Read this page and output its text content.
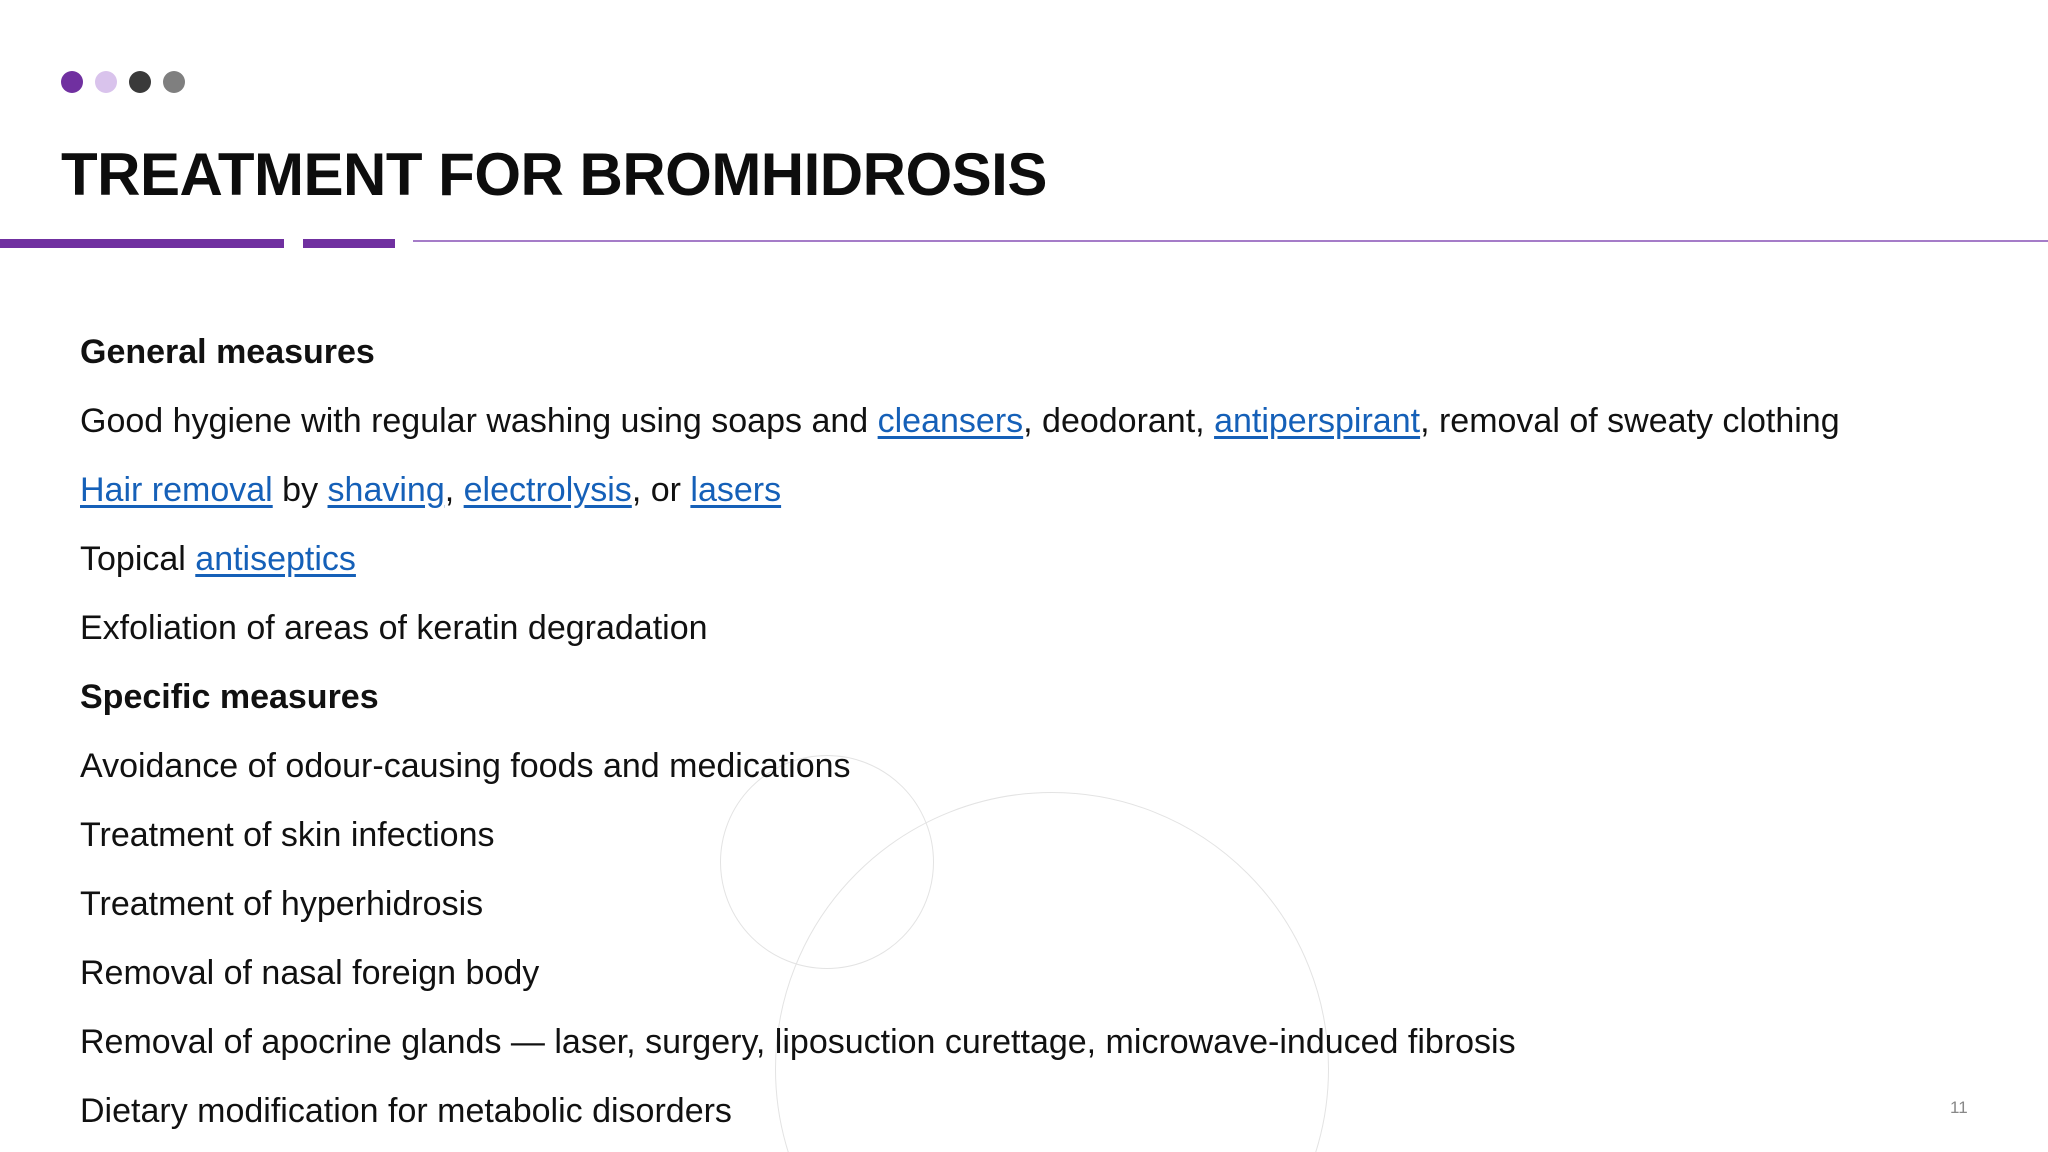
TREATMENT FOR BROMHIDROSIS
General measures
Good hygiene with regular washing using soaps and cleansers, deodorant, antiperspirant, removal of sweaty clothing
Hair removal by shaving, electrolysis, or lasers
Topical antiseptics
Exfoliation of areas of keratin degradation
Specific measures
Avoidance of odour-causing foods and medications
Treatment of skin infections
Treatment of hyperhidrosis
Removal of nasal foreign body
Removal of apocrine glands — laser, surgery, liposuction curettage, microwave-induced fibrosis
Dietary modification for metabolic disorders	11
